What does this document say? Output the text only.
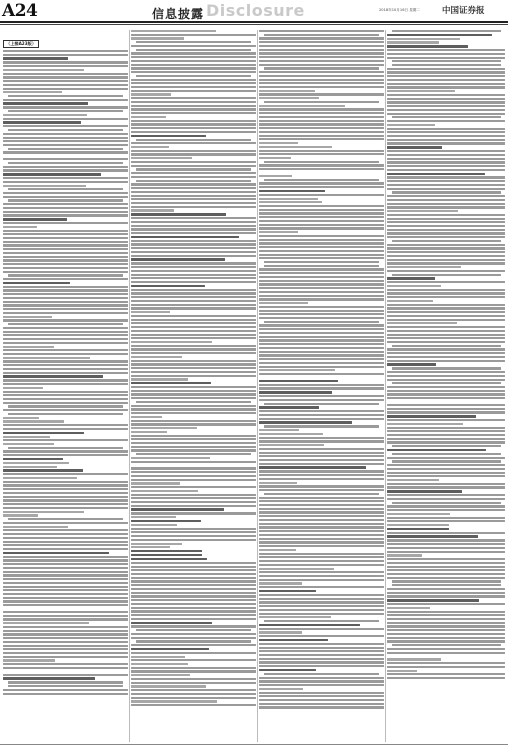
A24	信息披露 Disclosure	2018年10月16日 星期二	中国证券报
（上接A23版）
